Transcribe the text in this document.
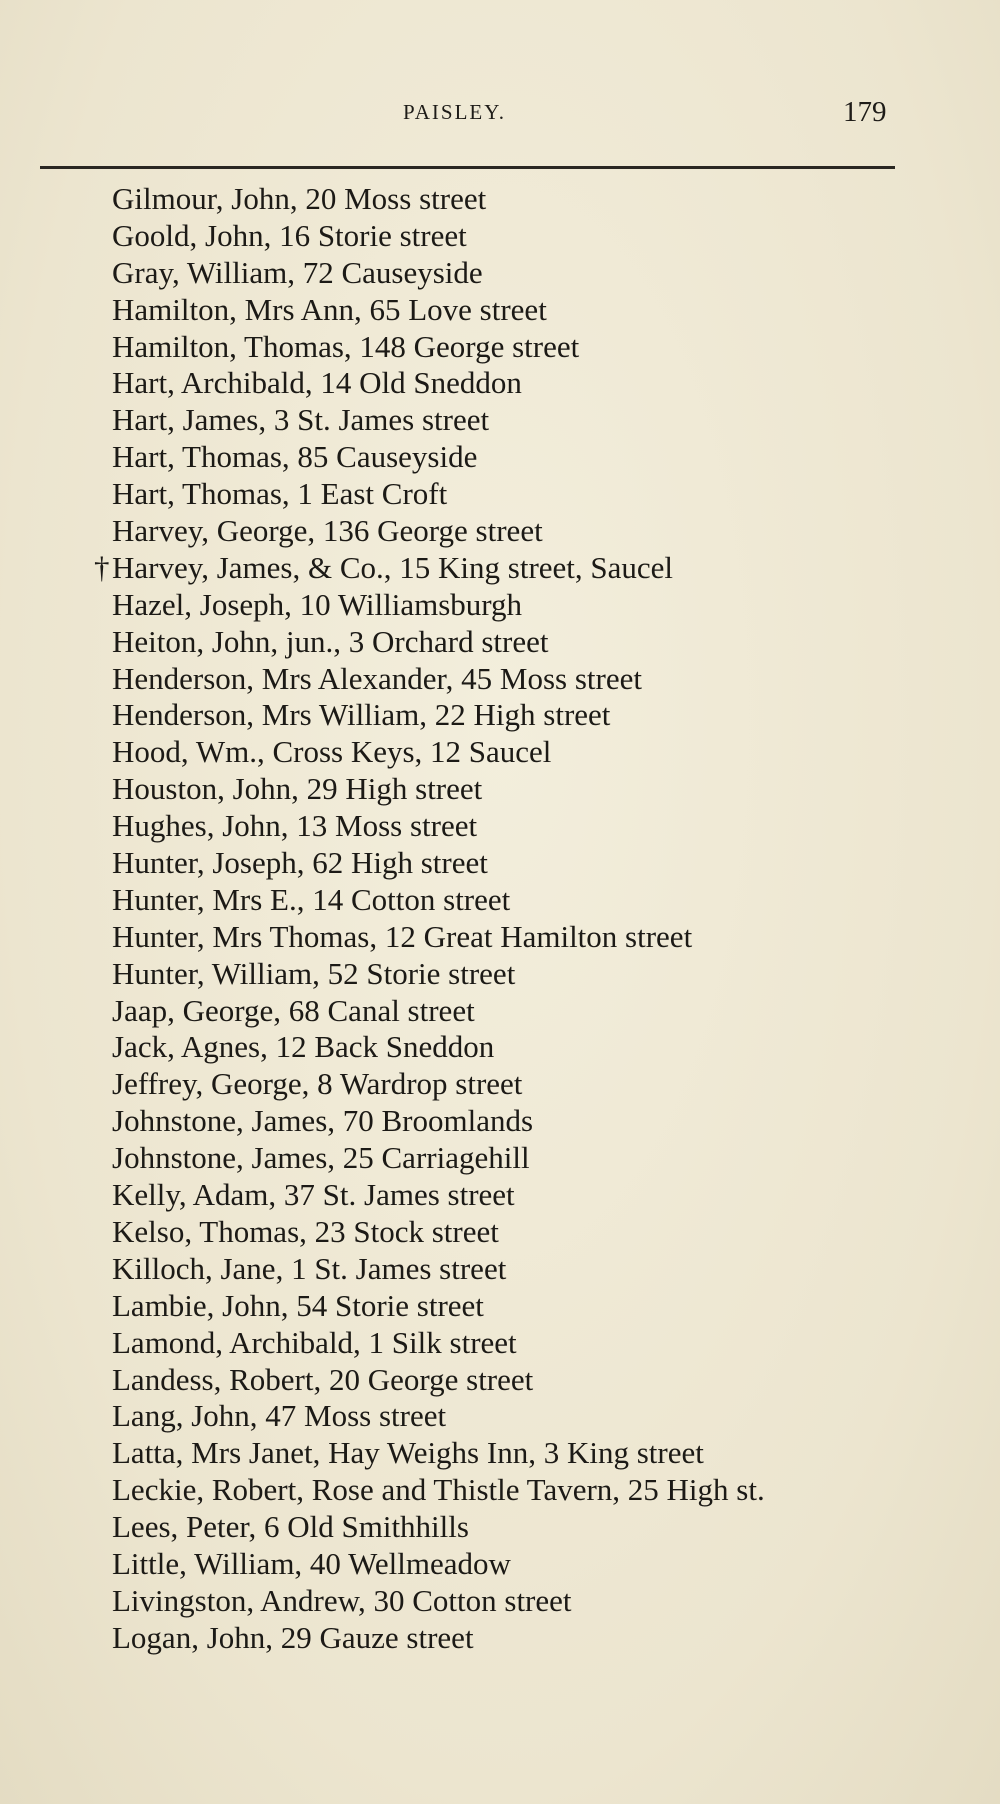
PAISLEY.	179
Gilmour, John, 20 Moss street
Goold, John, 16 Storie street
Gray, William, 72 Causeyside
Hamilton, Mrs Ann, 65 Love street
Hamilton, Thomas, 148 George street
Hart, Archibald, 14 Old Sneddon
Hart, James, 3 St. James street
Hart, Thomas, 85 Causeyside
Hart, Thomas, 1 East Croft
Harvey, George, 136 George street
† Harvey, James, & Co., 15 King street, Saucel
Hazel, Joseph, 10 Williamsburgh
Heiton, John, jun., 3 Orchard street
Henderson, Mrs Alexander, 45 Moss street
Henderson, Mrs William, 22 High street
Hood, Wm., Cross Keys, 12 Saucel
Houston, John, 29 High street
Hughes, John, 13 Moss street
Hunter, Joseph, 62 High street
Hunter, Mrs E., 14 Cotton street
Hunter, Mrs Thomas, 12 Great Hamilton street
Hunter, William, 52 Storie street
Jaap, George, 68 Canal street
Jack, Agnes, 12 Back Sneddon
Jeffrey, George, 8 Wardrop street
Johnstone, James, 70 Broomlands
Johnstone, James, 25 Carriagehill
Kelly, Adam, 37 St. James street
Kelso, Thomas, 23 Stock street
Killoch, Jane, 1 St. James street
Lambie, John, 54 Storie street
Lamond, Archibald, 1 Silk street
Landess, Robert, 20 George street
Lang, John, 47 Moss street
Latta, Mrs Janet, Hay Weighs Inn, 3 King street
Leckie, Robert, Rose and Thistle Tavern, 25 High st.
Lees, Peter, 6 Old Smithhills
Little, William, 40 Wellmeadow
Livingston, Andrew, 30 Cotton street
Logan, John, 29 Gauze street
